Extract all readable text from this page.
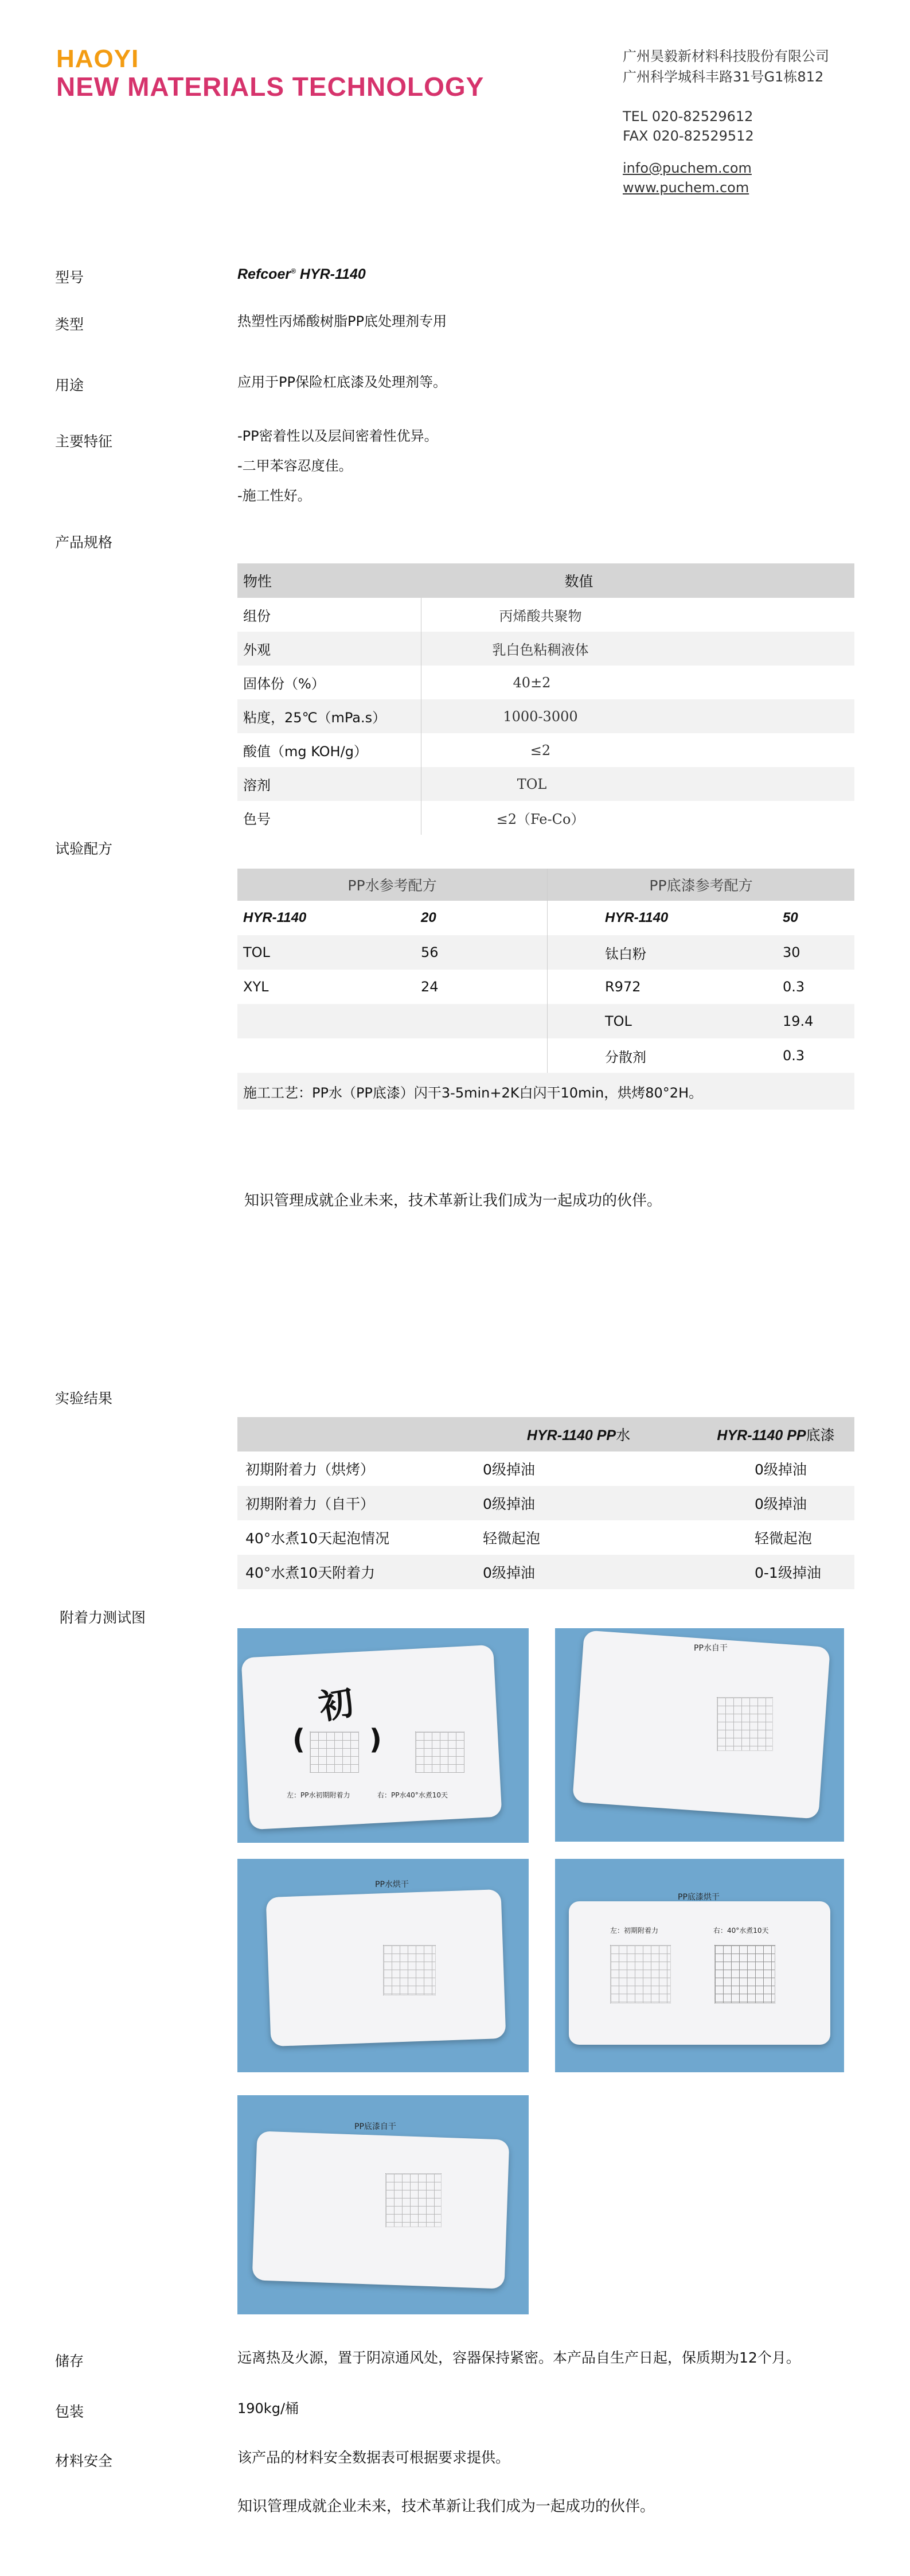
HAOYI
NEW MATERIALS TECHNOLOGY
广州昊毅新材料科技股份有限公司
广州科学城科丰路31号G1栋812
TEL 020-82529612
FAX 020-82529512
info@puchem.com
www.puchem.com
型号	Refcoer® HYR-1140
类型	热塑性丙烯酸树脂PP底处理剂专用
用途	应用于PP保险杠底漆及处理剂等。
主要特征	-PP密着性以及层间密着性优异。
-二甲苯容忍度佳。
-施工性好。
产品规格
物性	数值
组份	丙烯酸共聚物
外观	乳白色粘稠液体
固体份（%）	40±2
粘度，25℃（mPa.s）	1000-3000
酸值（mg KOH/g）	≤2
溶剂	TOL
色号	≤2（Fe-Co）
试验配方
PP水参考配方		PP底漆参考配方	
HYR-1140	20	HYR-1140	50
TOL	56	钛白粉	30
XYL	24	R972	0.3
		TOL	19.4
		分散剂	0.3
施工工艺：PP水（PP底漆）闪干3-5min+2K白闪干10min，烘烤80°2H。			
知识管理成就企业未来，技术革新让我们成为一起成功的伙伴。
实验结果
	HYR-1140 PP水	HYR-1140 PP底漆
初期附着力（烘烤）	0级掉油	0级掉油
初期附着力（自干）	0级掉油	0级掉油
40°水煮10天起泡情况	轻微起泡	轻微起泡
40°水煮10天附着力	0级掉油	0-1级掉油
附着力测试图
初
( )
左：PP水初期附着力	右：PP水40°水煮10天
PP水自干
PP水烘干
PP底漆烘干
左：初期附着力	右：40°水煮10天
PP底漆自干
储存	远离热及火源，置于阴凉通风处，容器保持紧密。本产品自生产日起，保质期为12个月。
包装	190kg/桶
材料安全	该产品的材料安全数据表可根据要求提供。
知识管理成就企业未来，技术革新让我们成为一起成功的伙伴。
